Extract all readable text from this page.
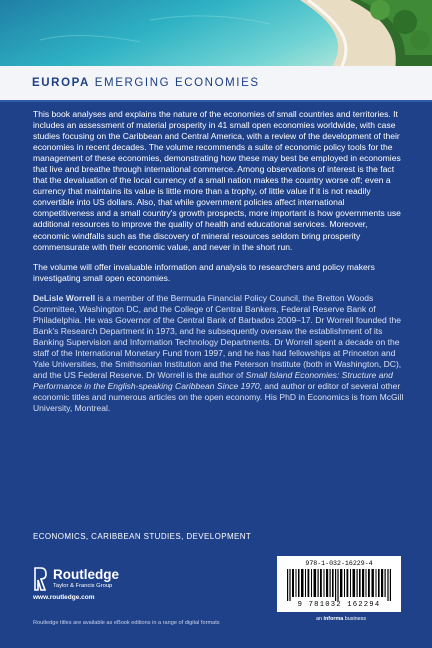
EUROPA EMERGING ECONOMIES

This book analyses and explains the nature of the economies of small countries and territories. It includes an assessment of material prosperity in 41 small open economies worldwide, with case studies focusing on the Caribbean and Central America, with a review of the development of their economies in recent decades. The volume recommends a suite of economic policy tools for the management of these economies, demonstrating how these may best be employed in economies that live and breathe through international commerce. Among observations of interest is the fact that the devaluation of the local currency of a small nation makes the country worse off; even a currency that maintains its value is little more than a trophy, of little value if it is not readily convertible into US dollars. Also, that while government policies affect international competitiveness and a small country's growth prospects, more important is how governments use additional resources to improve the quality of health and educational services. Moreover, economic windfalls such as the discovery of mineral resources seldom bring prosperity commensurate with their economic value, and never in the short run.

The volume will offer invaluable information and analysis to researchers and policy makers investigating small open economies.

DeLisle Worrell is a member of the Bermuda Financial Policy Council, the Bretton Woods Committee, Washington DC, and the College of Central Bankers, Federal Reserve Bank of Philadelphia. He was Governor of the Central Bank of Barbados 2009–17. Dr Worrell founded the Bank's Research Department in 1973, and he subsequently oversaw the establishment of its Banking Supervision and Information Technology Departments. Dr Worrell spent a decade on the staff of the International Monetary Fund from 1997, and he has had fellowships at Princeton and Yale Universities, the Smithsonian Institution and the Peterson Institute (both in Washington, DC), and the US Federal Reserve. Dr Worrell is the author of Small Island Economies: Structure and Performance in the English-speaking Caribbean Since 1970, and author or editor of several other economic titles and numerous articles on the open economy. His PhD in Economics is from McGill University, Montreal.

ECONOMICS, CARIBBEAN STUDIES, DEVELOPMENT
Routledge
Taylor & Francis Group
www.routledge.com
Routledge titles are available as eBook editions in a range of digital formats
978-1-032-16229-4
9 781032 162294
an informa business
